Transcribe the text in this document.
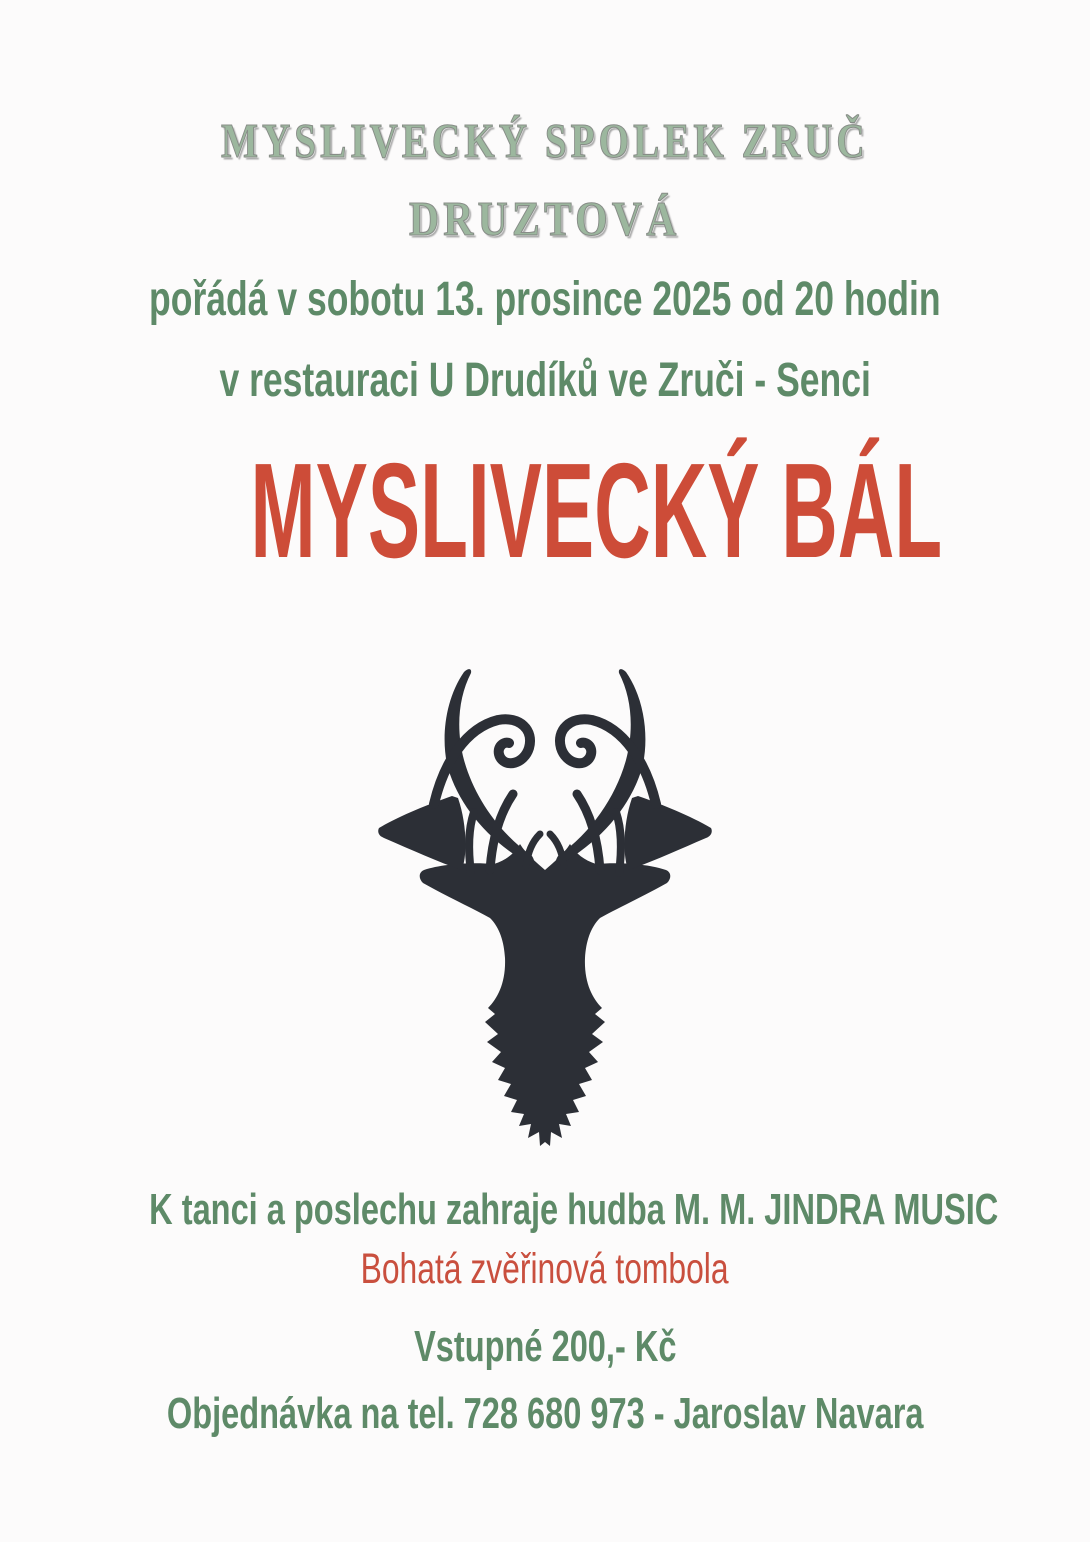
MYSLIVECKÝ SPOLEK ZRUČ
DRUZTOVÁ
pořádá v sobotu 13. prosince 2025 od 20 hodin
v restauraci U Drudíků ve Zruči - Senci
MYSLIVECKÝ BÁL
K tanci a poslechu zahraje hudba M. M. JINDRA MUSIC
Bohatá zvěřinová tombola
Vstupné 200,- Kč
Objednávka na tel. 728 680 973 - Jaroslav Navara
